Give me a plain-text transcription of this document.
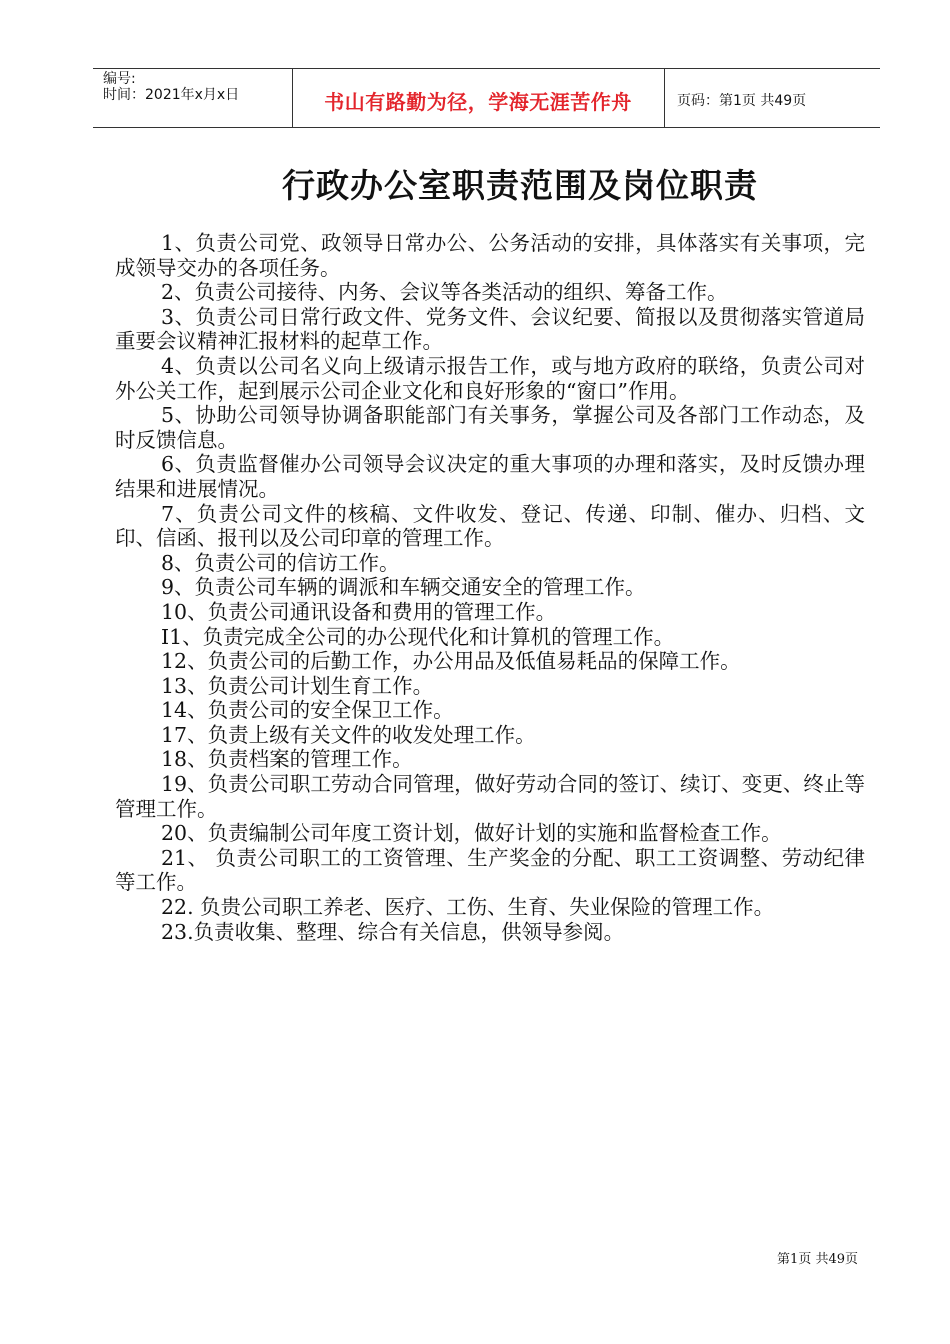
编号:
时间：2021年x月x日	书山有路勤为径，学海无涯苦作舟	页码：第1页 共49页
行政办公室职责范围及岗位职责

1、负责公司党、政领导日常办公、公务活动的安排，具体落实有关事项，完成领导交办的各项任务。

2、负责公司接待、内务、会议等各类活动的组织、筹备工作。

3、负责公司日常行政文件、党务文件、会议纪要、简报以及贯彻落实管道局重要会议精神汇报材料的起草工作。

4、负责以公司名义向上级请示报告工作，或与地方政府的联络，负责公司对外公关工作，起到展示公司企业文化和良好形象的“窗口”作用。

5、协助公司领导协调备职能部门有关事务，掌握公司及各部门工作动态，及时反馈信息。

6、负责监督催办公司领导会议决定的重大事项的办理和落实，及时反馈办理结果和进展情况。

7、负责公司文件的核稿、文件收发、登记、传递、印制、催办、归档、文印、信函、报刊以及公司印章的管理工作。

8、负责公司的信访工作。

9、负责公司车辆的调派和车辆交通安全的管理工作。

10、负责公司通讯设备和费用的管理工作。

I1、负责完成全公司的办公现代化和计算机的管理工作。

12、负责公司的后勤工作，办公用品及低值易耗品的保障工作。

13、负责公司计划生育工作。

14、负责公司的安全保卫工作。

17、负责上级有关文件的收发处理工作。

18、负责档案的管理工作。

19、负责公司职工劳动合同管理，做好劳动合同的签订、续订、变更、终止等管理工作。

20、负责编制公司年度工资计划，做好计划的实施和监督检查工作。

21、 负责公司职工的工资管理、生产奖金的分配、职工工资调整、劳动纪律等工作。

22. 负贵公司职工养老、医疗、工伤、生育、失业保险的管理工作。

23.负责收集、整理、综合有关信息，供领导参阅。

第1页 共49页
